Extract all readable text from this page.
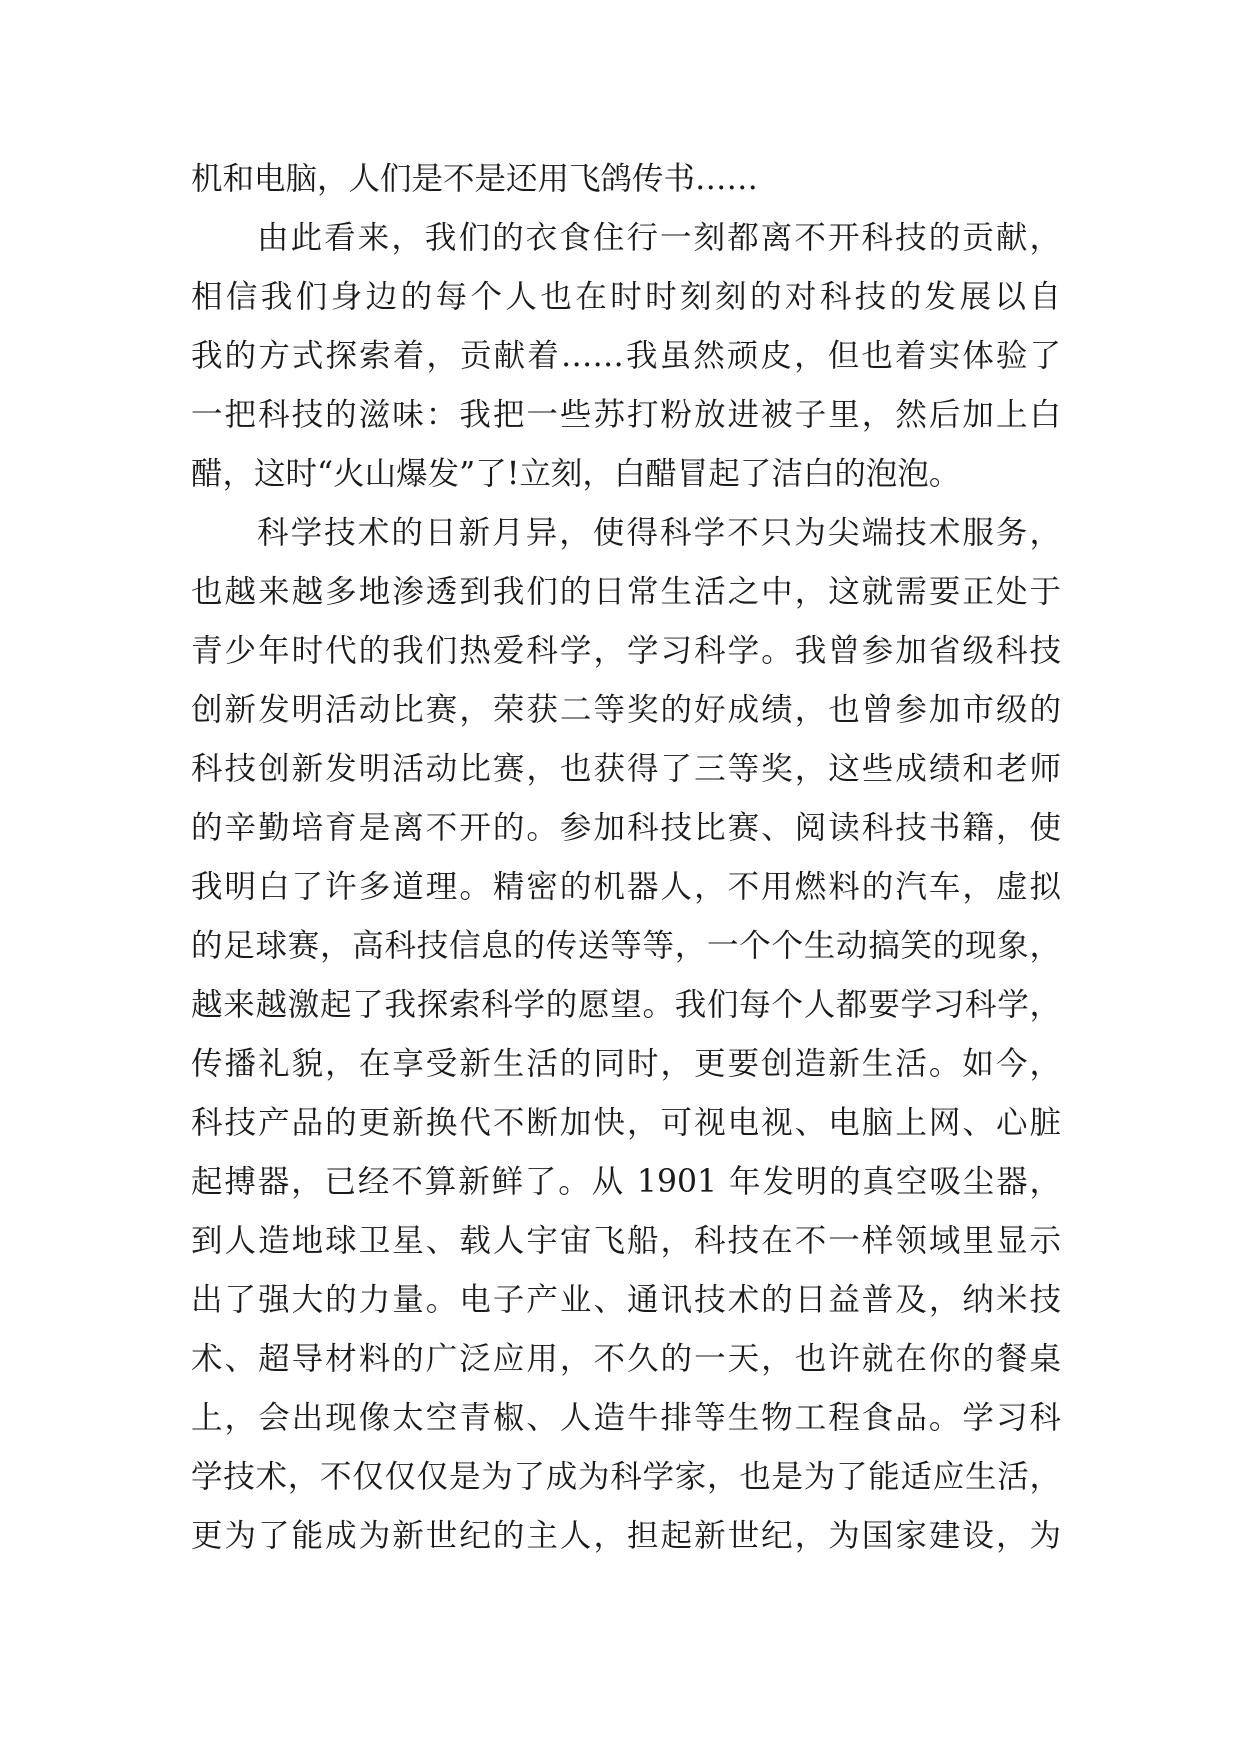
机和电脑，人们是不是还用飞鸽传书……
由此看来，我们的衣食住行一刻都离不开科技的贡献，
相信我们身边的每个人也在时时刻刻的对科技的发展以自
我的方式探索着，贡献着……我虽然顽皮，但也着实体验了
一把科技的滋味：我把一些苏打粉放进被子里，然后加上白
醋，这时“火山爆发”了!立刻，白醋冒起了洁白的泡泡。
科学技术的日新月异，使得科学不只为尖端技术服务，
也越来越多地渗透到我们的日常生活之中，这就需要正处于
青少年时代的我们热爱科学，学习科学。我曾参加省级科技
创新发明活动比赛，荣获二等奖的好成绩，也曾参加市级的
科技创新发明活动比赛，也获得了三等奖，这些成绩和老师
的辛勤培育是离不开的。参加科技比赛、阅读科技书籍，使
我明白了许多道理。精密的机器人，不用燃料的汽车，虚拟
的足球赛，高科技信息的传送等等，一个个生动搞笑的现象，
越来越激起了我探索科学的愿望。我们每个人都要学习科学，
传播礼貌，在享受新生活的同时，更要创造新生活。如今，
科技产品的更新换代不断加快，可视电视、电脑上网、心脏
起搏器，已经不算新鲜了。从 1901 年发明的真空吸尘器，
到人造地球卫星、载人宇宙飞船，科技在不一样领域里显示
出了强大的力量。电子产业、通讯技术的日益普及，纳米技
术、超导材料的广泛应用，不久的一天，也许就在你的餐桌
上，会出现像太空青椒、人造牛排等生物工程食品。学习科
学技术，不仅仅仅是为了成为科学家，也是为了能适应生活，
更为了能成为新世纪的主人，担起新世纪，为国家建设，为
